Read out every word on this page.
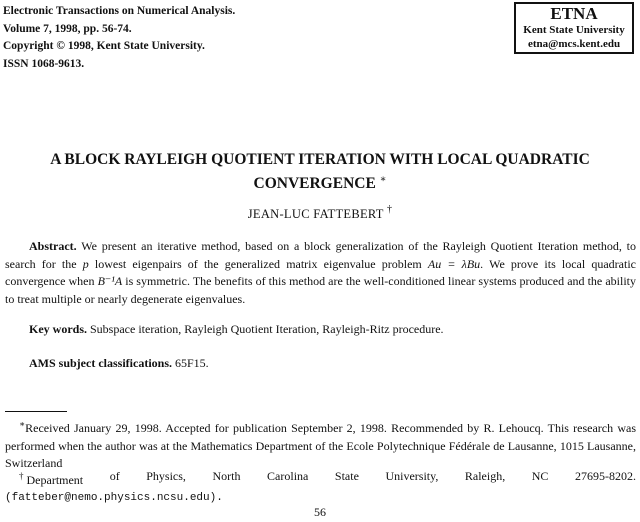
Electronic Transactions on Numerical Analysis.
Volume 7, 1998, pp. 56-74.
Copyright © 1998, Kent State University.
ISSN 1068-9613.
ETNA
Kent State University
etna@mcs.kent.edu
A BLOCK RAYLEIGH QUOTIENT ITERATION WITH LOCAL QUADRATIC
CONVERGENCE ∗
JEAN-LUC FATTEBERT †

Abstract. We present an iterative method, based on a block generalization of the Rayleigh Quotient Iteration method, to search for the p lowest eigenpairs of the generalized matrix eigenvalue problem Au = λBu. We prove its local quadratic convergence when B⁻¹A is symmetric. The benefits of this method are the well-conditioned linear systems produced and the ability to treat multiple or nearly degenerate eigenvalues.

Key words. Subspace iteration, Rayleigh Quotient Iteration, Rayleigh-Ritz procedure.
AMS subject classifications. 65F15.

∗Received January 29, 1998. Accepted for publication September 2, 1998. Recommended by R. Lehoucq. This research was performed when the author was at the Mathematics Department of the Ecole Polytechnique Fédérale de Lausanne, 1015 Lausanne, Switzerland

† Department of Physics, North Carolina State University, Raleigh, NC 27695-8202.
(fatteber@nemo.physics.ncsu.edu).
56
